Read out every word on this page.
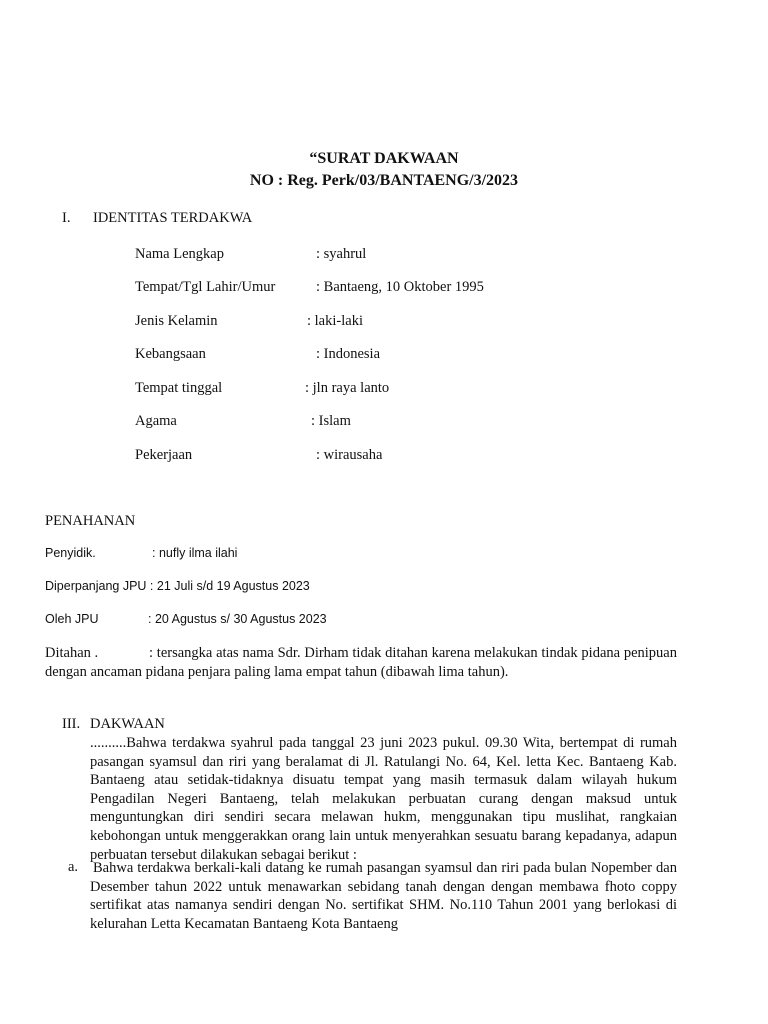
“SURAT DAKWAAN
NO : Reg. Perk/03/BANTAENG/3/2023
I. IDENTITAS TERDAKWA
Nama Lengkap	: syahrul
Tempat/Tgl Lahir/Umur	: Bantaeng, 10 Oktober 1995
Jenis Kelamin	: laki-laki
Kebangsaan	: Indonesia
Tempat tinggal	: jln raya lanto
Agama	: Islam
Pekerjaan	: wirausaha
PENAHANAN
Penyidik.	: nufly ilma ilahi
Diperpanjang JPU : 21 Juli s/d 19 Agustus 2023
Oleh JPU	: 20 Agustus s/ 30 Agustus 2023
Ditahan .	: tersangka atas nama Sdr. Dirham tidak ditahan karena melakukan tindak pidana penipuan dengan ancaman pidana penjara paling lama empat tahun (dibawah lima tahun).
III. DAKWAAN
..........Bahwa terdakwa syahrul pada tanggal 23 juni 2023 pukul. 09.30 Wita, bertempat di rumah pasangan syamsul dan riri yang beralamat di Jl. Ratulangi No. 64, Kel. letta Kec. Bantaeng Kab. Bantaeng atau setidak-tidaknya disuatu tempat yang masih termasuk dalam wilayah hukum Pengadilan Negeri Bantaeng, telah melakukan perbuatan curang dengan maksud untuk menguntungkan diri sendiri secara melawan hukm, menggunakan tipu muslihat, rangkaian kebohongan untuk menggerakkan orang lain untuk menyerahkan sesuatu barang kepadanya, adapun perbuatan tersebut dilakukan sebagai berikut :
a. Bahwa terdakwa berkali-kali datang ke rumah pasangan syamsul dan riri pada bulan Nopember dan Desember tahun 2022 untuk menawarkan sebidang tanah dengan dengan membawa fhoto coppy sertifikat atas namanya sendiri dengan No. sertifikat SHM. No.110 Tahun 2001 yang berlokasi di kelurahan Letta Kecamatan Bantaeng Kota Bantaeng
